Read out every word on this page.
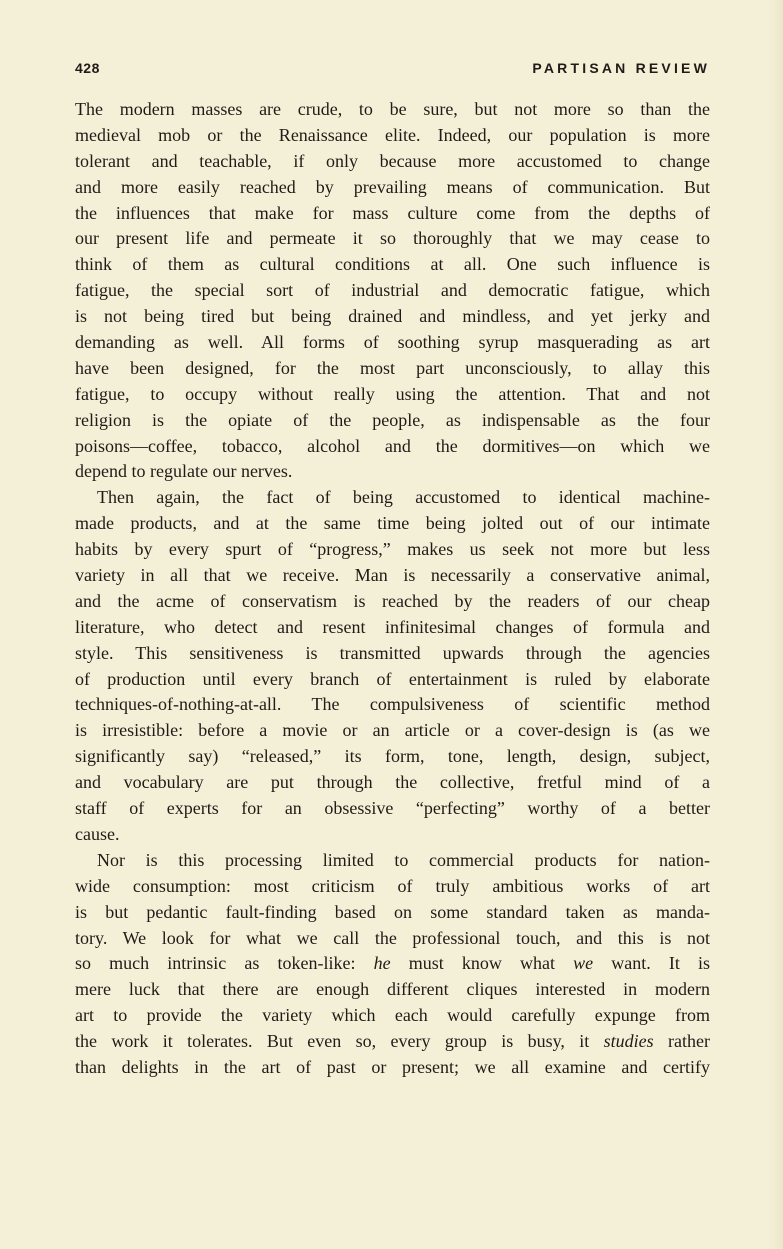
428	PARTISAN REVIEW
The modern masses are crude, to be sure, but not more so than the
medieval mob or the Renaissance elite. Indeed, our population is more
tolerant and teachable, if only because more accustomed to change
and more easily reached by prevailing means of communication. But
the influences that make for mass culture come from the depths of
our present life and permeate it so thoroughly that we may cease to
think of them as cultural conditions at all. One such influence is
fatigue, the special sort of industrial and democratic fatigue, which
is not being tired but being drained and mindless, and yet jerky and
demanding as well. All forms of soothing syrup masquerading as art
have been designed, for the most part unconsciously, to allay this
fatigue, to occupy without really using the attention. That and not
religion is the opiate of the people, as indispensable as the four
poisons—coffee, tobacco, alcohol and the dormitives—on which we
depend to regulate our nerves.
Then again, the fact of being accustomed to identical machine-
made products, and at the same time being jolted out of our intimate
habits by every spurt of “progress,” makes us seek not more but less
variety in all that we receive. Man is necessarily a conservative animal,
and the acme of conservatism is reached by the readers of our cheap
literature, who detect and resent infinitesimal changes of formula and
style. This sensitiveness is transmitted upwards through the agencies
of production until every branch of entertainment is ruled by elaborate
techniques-of-nothing-at-all. The compulsiveness of scientific method
is irresistible: before a movie or an article or a cover-design is (as we
significantly say) “released,” its form, tone, length, design, subject,
and vocabulary are put through the collective, fretful mind of a
staff of experts for an obsessive “perfecting” worthy of a better
cause.
Nor is this processing limited to commercial products for nation-
wide consumption: most criticism of truly ambitious works of art
is but pedantic fault-finding based on some standard taken as manda-
tory. We look for what we call the professional touch, and this is not
so much intrinsic as token-like: he must know what we want. It is
mere luck that there are enough different cliques interested in modern
art to provide the variety which each would carefully expunge from
the work it tolerates. But even so, every group is busy, it studies rather
than delights in the art of past or present; we all examine and certify
